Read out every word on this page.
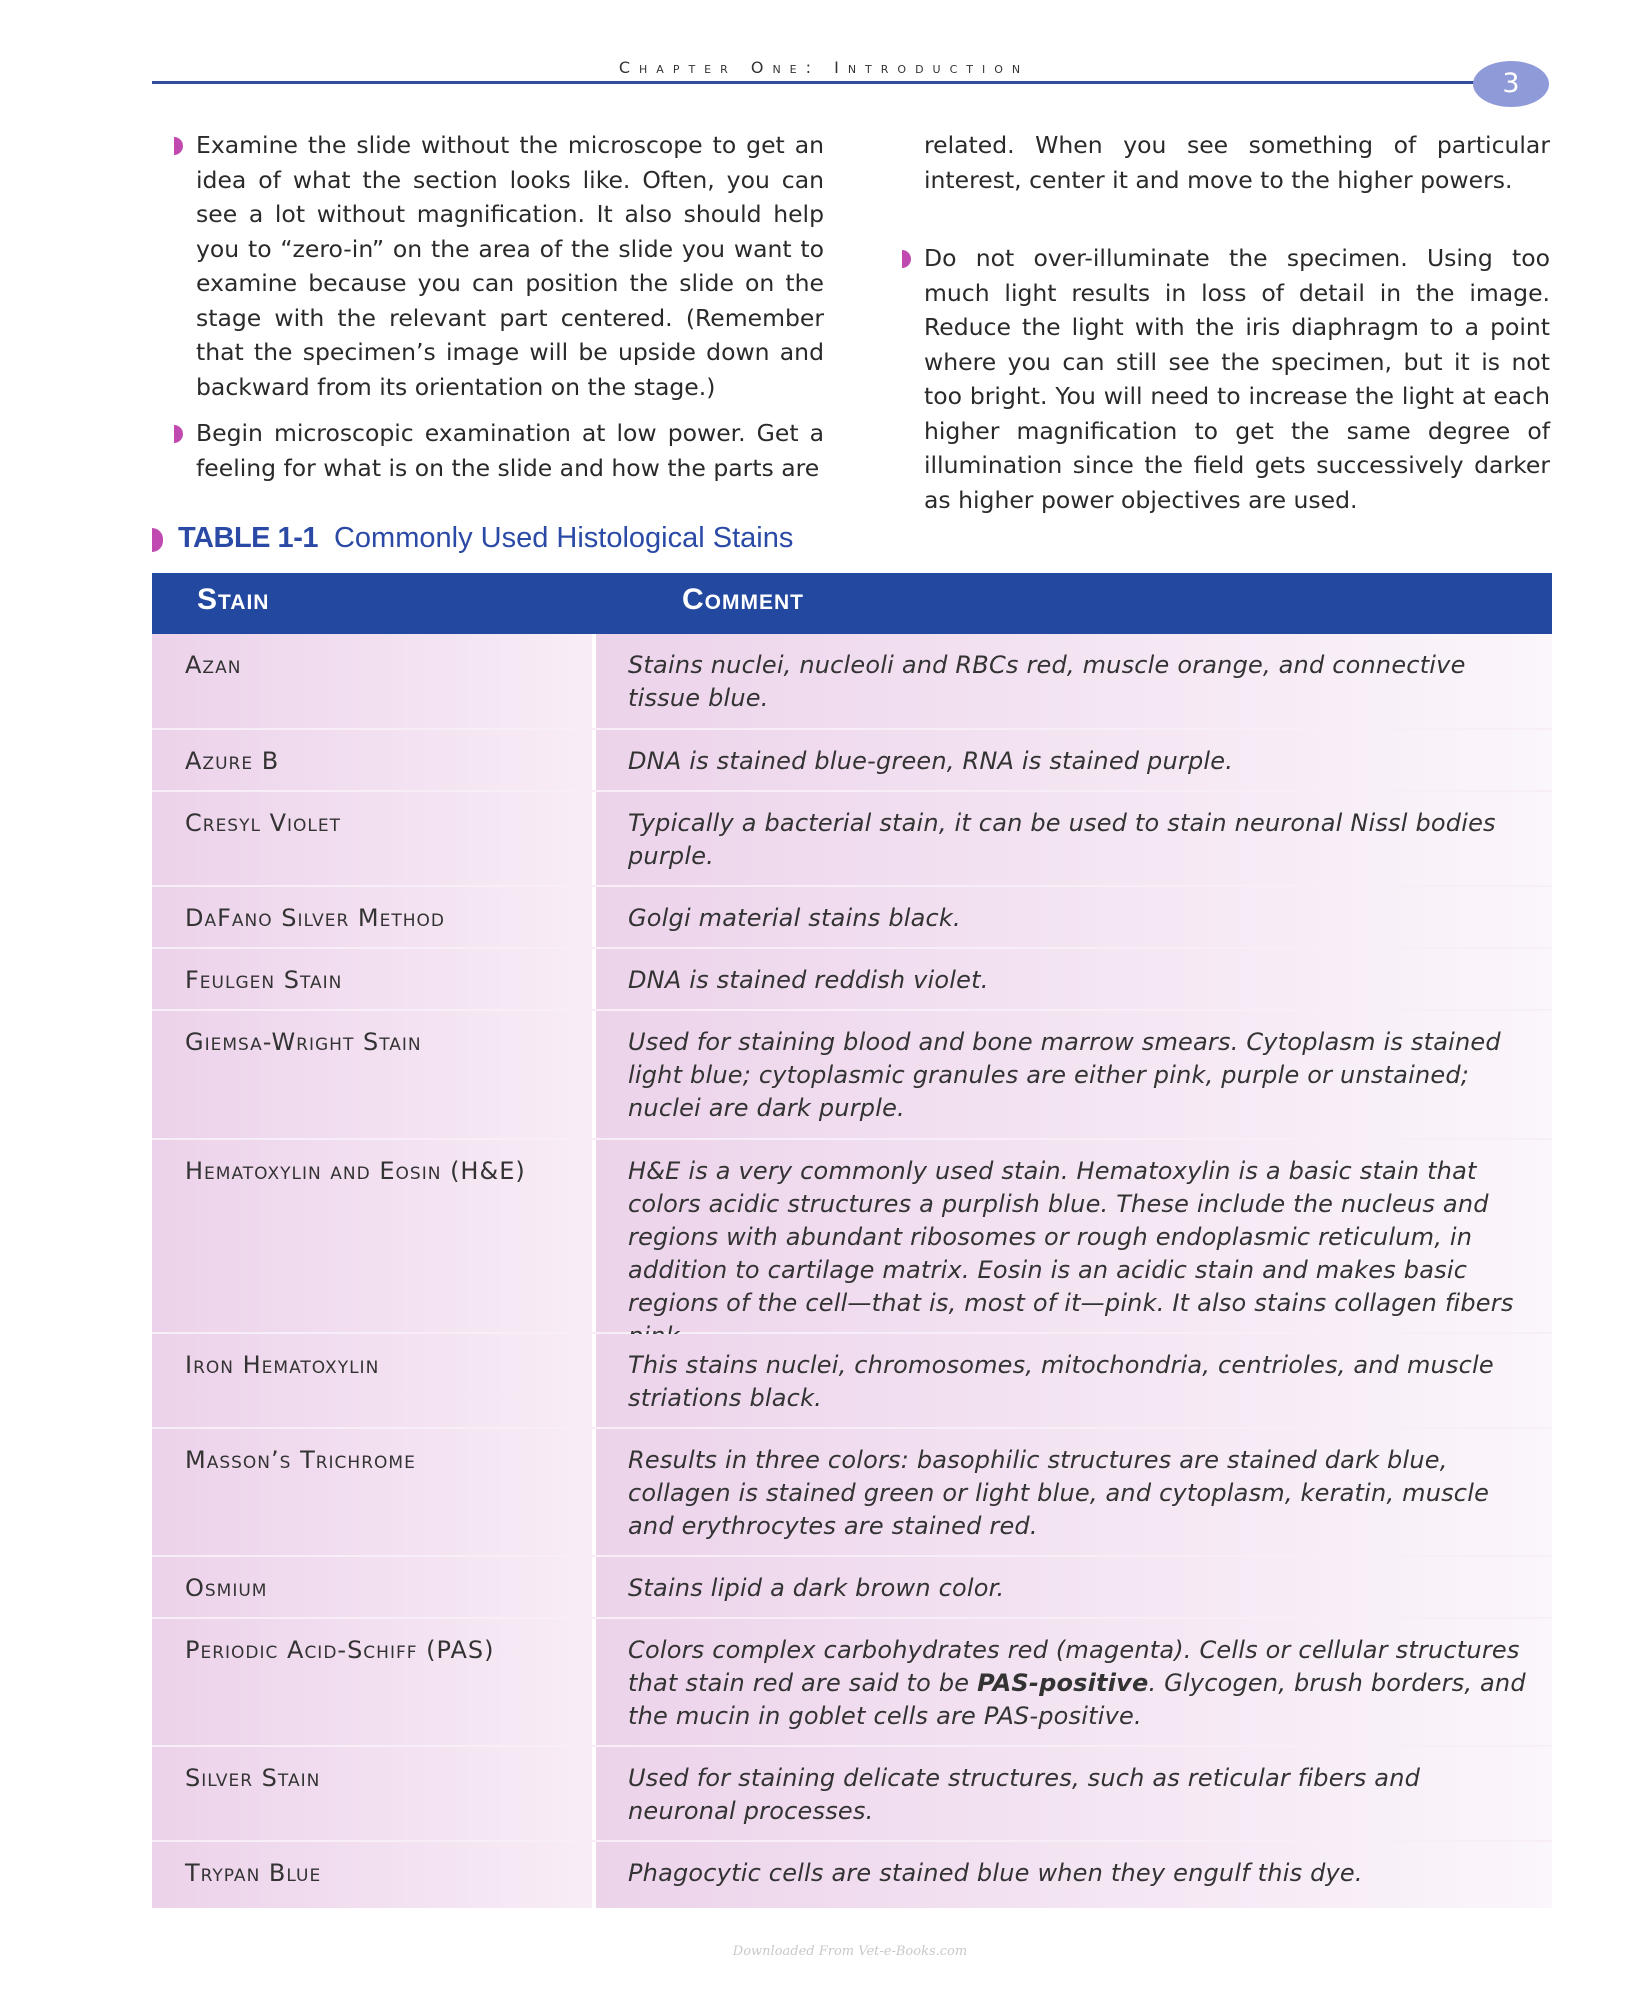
Chapter One: Introduction
3

Examine the slide without the microscope to get an idea of what the section looks like. Often, you can see a lot without magnification. It also should help you to “zero-in” on the area of the slide you want to examine because you can position the slide on the stage with the relevant part centered. (Remember that the specimen’s image will be upside down and backward from its orientation on the stage.)

Begin microscopic examination at low power. Get a feeling for what is on the slide and how the parts are

related. When you see something of particular interest, center it and move to the higher powers.

Do not over-illuminate the specimen. Using too much light results in loss of detail in the image. Reduce the light with the iris diaphragm to a point where you can still see the specimen, but it is not too bright. You will need to increase the light at each higher magnification to get the same degree of illumination since the field gets successively darker as higher power objectives are used.

TABLE 1-1 Commonly Used Histological Stains
Stain	Comment
Azan	Stains nuclei, nucleoli and RBCs red, muscle orange, and connective tissue blue.
Azure B	DNA is stained blue-green, RNA is stained purple.
Cresyl Violet	Typically a bacterial stain, it can be used to stain neuronal Nissl bodies purple.
DaFano Silver Method	Golgi material stains black.
Feulgen Stain	DNA is stained reddish violet.
Giemsa-Wright Stain	Used for staining blood and bone marrow smears. Cytoplasm is stained light blue; cytoplasmic granules are either pink, purple or unstained; nuclei are dark purple.
Hematoxylin and Eosin (H&E)	H&E is a very commonly used stain. Hematoxylin is a basic stain that colors acidic structures a purplish blue. These include the nucleus and regions with abundant ribosomes or rough endoplasmic reticulum, in addition to cartilage matrix. Eosin is an acidic stain and makes basic regions of the cell—that is, most of it—pink. It also stains collagen fibers
Iron Hematoxylin	This stains nuclei, chromosomes, mitochondria, centrioles, and muscle striations black.
Masson’s Trichrome	Results in three colors: basophilic structures are stained dark blue, collagen is stained green or light blue, and cytoplasm, keratin, muscle and erythrocytes are stained red.
Osmium	Stains lipid a dark brown color.
Periodic Acid-Schiff (PAS)	Colors complex carbohydrates red (magenta). Cells or cellular structures that stain red are said to be PAS-positive. Glycogen, brush borders, and the mucin in goblet cells are PAS-positive.
Silver Stain	Used for staining delicate structures, such as reticular fibers and neuronal processes.
Trypan Blue	Phagocytic cells are stained blue when they engulf this dye.
Downloaded From Vet-e-Books.com
